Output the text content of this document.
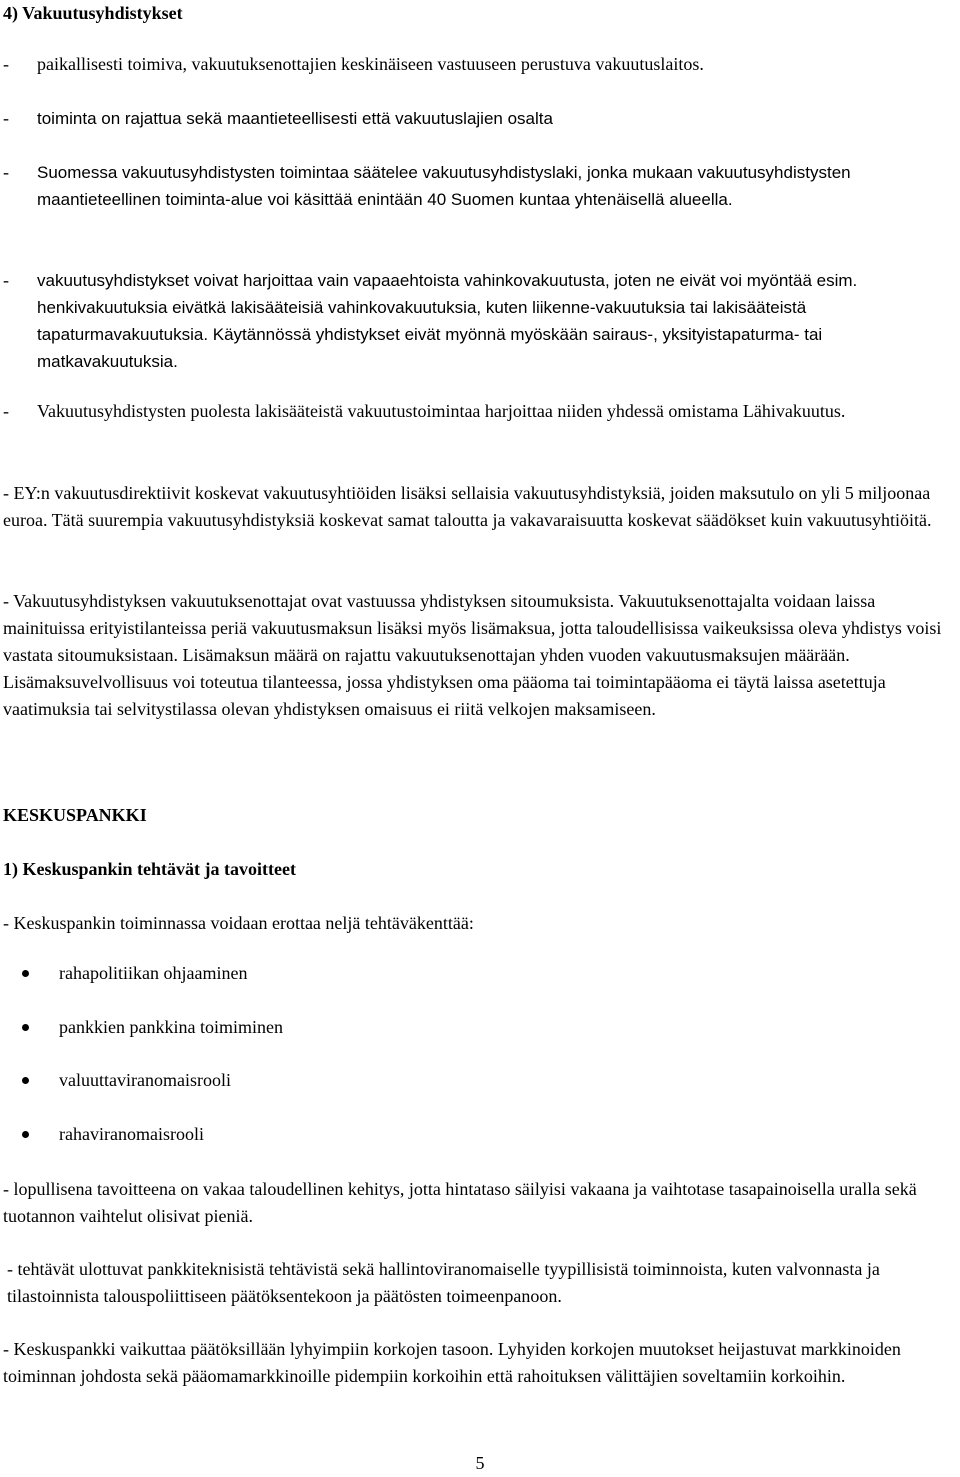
4) Vakuutusyhdistykset
-	paikallisesti toimiva, vakuutuksenottajien keskinäiseen vastuuseen perustuva vakuutuslaitos.
-	toiminta on rajattua sekä maantieteellisesti että vakuutuslajien osalta
-	Suomessa vakuutusyhdistysten toimintaa säätelee vakuutusyhdistyslaki, jonka mukaan vakuutusyhdistysten maantieteellinen toiminta-alue voi käsittää enintään 40 Suomen kuntaa yhtenäisellä alueella.
-	vakuutusyhdistykset voivat harjoittaa vain vapaaehtoista vahinkovakuutusta, joten ne eivät voi myöntää esim. henkivakuutuksia eivätkä lakisääteisiä vahinkovakuutuksia, kuten liikenne-vakuutuksia tai lakisääteistä tapaturmavakuutuksia. Käytännössä yhdistykset eivät myönnä myöskään sairaus-, yksityistapaturma- tai matkavakuutuksia.
-	Vakuutusyhdistysten puolesta lakisääteistä vakuutustoimintaa harjoittaa niiden yhdessä omistama Lähivakuutus.

- EY:n vakuutusdirektiivit koskevat vakuutusyhtiöiden lisäksi sellaisia vakuutusyhdistyksiä, joiden maksutulo on yli 5 miljoonaa euroa. Tätä suurempia vakuutusyhdistyksiä koskevat samat taloutta ja vakavaraisuutta koskevat säädökset kuin vakuutusyhtiöitä.

- Vakuutusyhdistyksen vakuutuksenottajat ovat vastuussa yhdistyksen sitoumuksista. Vakuutuksenottajalta voidaan laissa mainituissa erityistilanteissa periä vakuutusmaksun lisäksi myös lisämaksua, jotta taloudellisissa vaikeuksissa oleva yhdistys voisi vastata sitoumuksistaan. Lisämaksun määrä on rajattu vakuutuksenottajan yhden vuoden vakuutusmaksujen määrään. Lisämaksuvelvollisuus voi toteutua tilanteessa, jossa yhdistyksen oma pääoma tai toimintapääoma ei täytä laissa asetettuja vaatimuksia tai selvitystilassa olevan yhdistyksen omaisuus ei riitä velkojen maksamiseen.

KESKUSPANKKI
1) Keskuspankin tehtävät ja tavoitteet

- Keskuspankin toiminnassa voidaan erottaa neljä tehtäväkenttää:

rahapolitiikan ohjaaminen
pankkien pankkina toimiminen
valuuttaviranomaisrooli
rahaviranomaisrooli

- lopullisena tavoitteena on vakaa taloudellinen kehitys, jotta hintataso säilyisi vakaana ja vaihtotase tasapainoisella uralla sekä tuotannon vaihtelut olisivat pieniä.

- tehtävät ulottuvat pankkiteknisistä tehtävistä sekä hallintoviranomaiselle tyypillisistä toiminnoista, kuten valvonnasta ja tilastoinnista talouspoliittiseen päätöksentekoon ja päätösten toimeenpanoon.

- Keskuspankki vaikuttaa päätöksillään lyhyimpiin korkojen tasoon. Lyhyiden korkojen muutokset heijastuvat markkinoiden toiminnan johdosta sekä pääomamarkkinoille pidempiin korkoihin että rahoituksen välittäjien soveltamiin korkoihin.

5
